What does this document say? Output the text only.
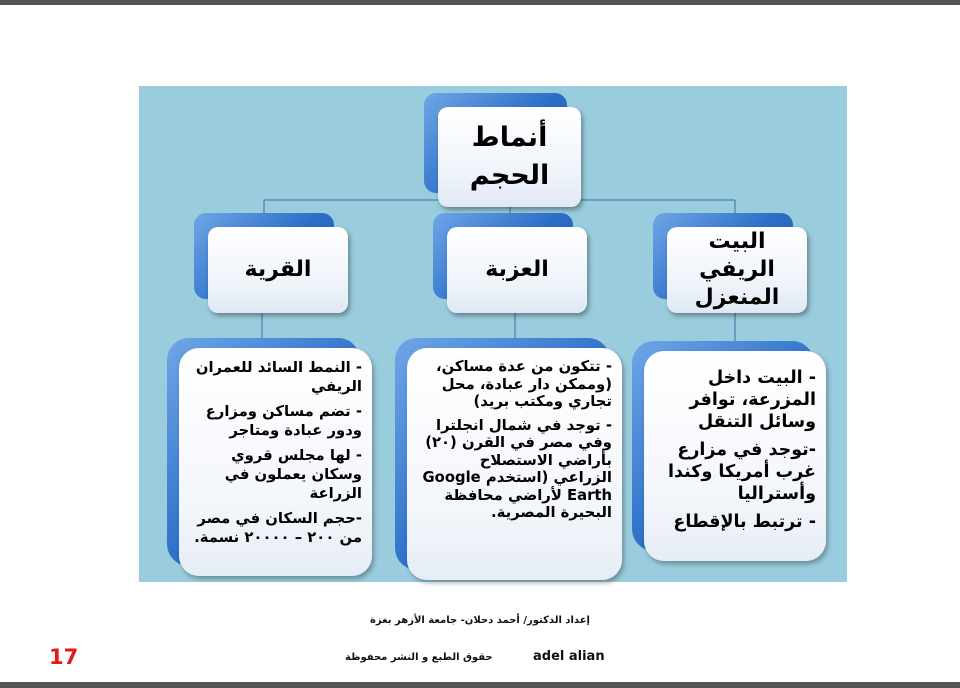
أنماط الحجم
البيت الريفي المنعزل
العزبة
القرية
- البيت داخل المزرعة، توافر وسائل التنقل
-توجد في مزارع غرب أمريكا وكندا وأستراليا
- ترتبط بالإقطاع
- تتكون من عدة مساكن، (وممكن دار عبادة، محل تجاري ومكتب بريد)
- توجد في شمال انجلترا وفي مصر في القرن (٢٠) بأراضي الاستصلاح الزراعي (استخدم Google Earth لأراضي محافظة البحيرة المصرية.
- النمط السائد للعمران الريفي
- تضم مساكن ومزارع ودور عبادة ومتاجر
- لها مجلس قروي وسكان يعملون في الزراعة
-حجم السكان في مصر من ٢٠٠ – ٢٠٠٠٠ نسمة.
إعداد الدكتور/ أحمد دحلان- جامعة الأزهر بغزة
adel alian
حقوق الطبع و النشر محفوظة
17
